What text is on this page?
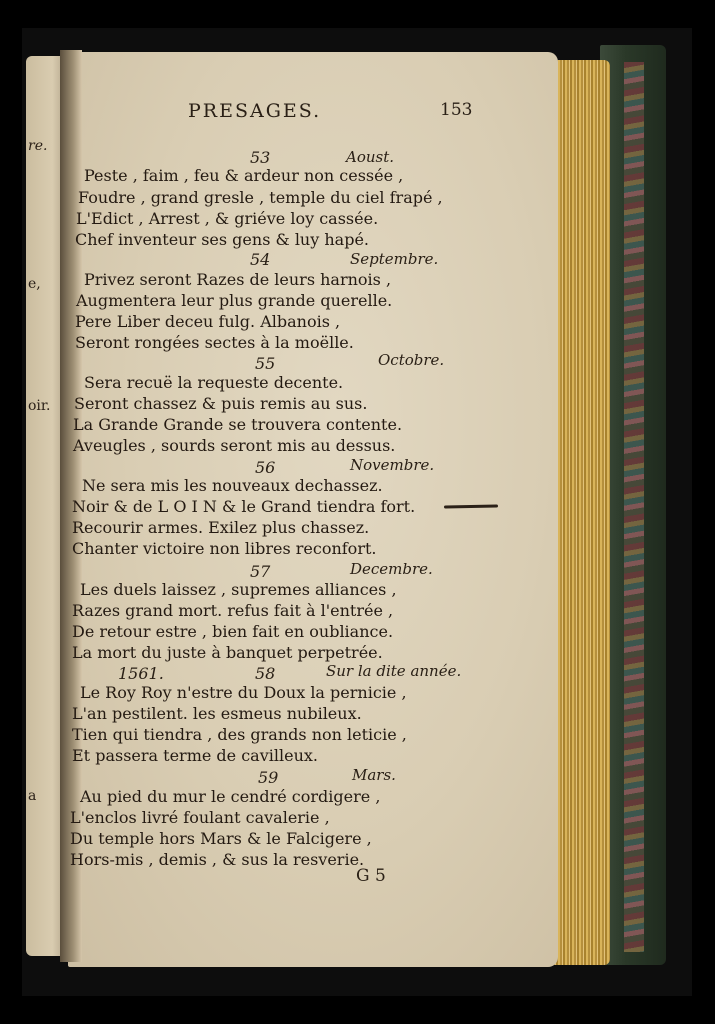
re.
e,
oir.
a
PRESAGES.	153
53	Aoust.
Peste , faim , feu & ardeur non cessée ,
Foudre , grand gresle , temple du ciel frapé ,
L'Edict , Arrest , & griéve loy cassée.
Chef inventeur ses gens & luy hapé.
54	Septembre.
Privez seront Razes de leurs harnois ,
Augmentera leur plus grande querelle.
Pere Liber deceu fulg. Albanois ,
Seront rongées sectes à la moëlle.
55	Octobre.
Sera recuë la requeste decente.
Seront chassez & puis remis au sus.
La Grande Grande se trouvera contente.
Aveugles , sourds seront mis au dessus.
56	Novembre.
Ne sera mis les nouveaux dechassez.
Noir & de L O I N & le Grand tiendra fort.
Recourir armes. Exilez plus chassez.
Chanter victoire non libres reconfort.
57	Decembre.
Les duels laissez , supremes alliances ,
Razes grand mort. refus fait à l'entrée ,
De retour estre , bien fait en oubliance.
La mort du juste à banquet perpetrée.
1561.	58	Sur la dite année.
Le Roy Roy n'estre du Doux la pernicie ,
L'an pestilent. les esmeus nubileux.
Tien qui tiendra , des grands non leticie ,
Et passera terme de cavilleux.
59	Mars.
Au pied du mur le cendré cordigere ,
L'enclos livré foulant cavalerie ,
Du temple hors Mars & le Falcigere ,
Hors-mis , demis , & sus la resverie.
G 5
